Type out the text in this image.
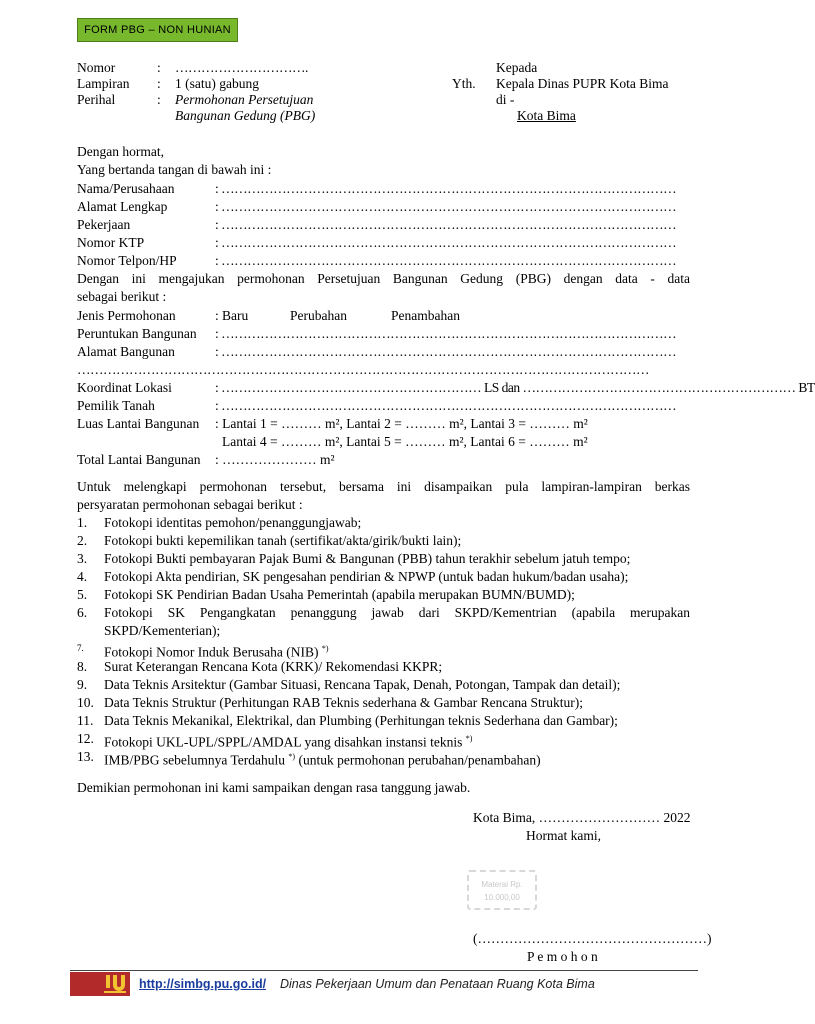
FORM PBG – NON HUNIAN
Nomor	: ………………………….
Lampiran : 1 (satu) gabung
Perihal	: Permohonan Persetujuan
Bangunan Gedung (PBG)
Kepada
Yth. Kepala Dinas PUPR Kota Bima
di -
Kota Bima
Dengan hormat,
Yang bertanda tangan di bawah ini :
Nama/Perusahaan	: ……………………………………………………………………………………………
Alamat Lengkap	: ……………………………………………………………………………………………
Pekerjaan	: ……………………………………………………………………………………………
Nomor KTP	: ……………………………………………………………………………………………
Nomor Telpon/HP	: ……………………………………………………………………………………………
Dengan ini mengajukan permohonan Persetujuan Bangunan Gedung (PBG) dengan data - data
sebagai berikut :
Jenis Permohonan	: Baru	Perubahan	Penambahan
Peruntukan Bangunan : ……………………………………………………………………………………………
Alamat Bangunan	: ……………………………………………………………………………………………
……………………………………………………………………………………………………………………
Koordinat Lokasi	: …………………………………………………… LS dan ……………………………………………………… BT
Pemilik Tanah	: ……………………………………………………………………………………………
Luas Lantai Bangunan : Lantai 1 = ……… m², Lantai 2 = ……… m², Lantai 3 = ……… m²
Lantai 4 = ……… m², Lantai 5 = ……… m², Lantai 6 = ……… m²
Total Lantai Bangunan : ………………… m²
Untuk melengkapi permohonan tersebut, bersama ini disampaikan pula lampiran-lampiran berkas
persyaratan permohonan sebagai berikut :
1. Fotokopi identitas pemohon/penanggungjawab;
2. Fotokopi bukti kepemilikan tanah (sertifikat/akta/girik/bukti lain);
3. Fotokopi Bukti pembayaran Pajak Bumi & Bangunan (PBB) tahun terakhir sebelum jatuh tempo;
4. Fotokopi Akta pendirian, SK pengesahan pendirian & NPWP (untuk badan hukum/badan usaha);
5. Fotokopi SK Pendirian Badan Usaha Pemerintah (apabila merupakan BUMN/BUMD);
6. Fotokopi SK Pengangkatan penanggung jawab dari SKPD/Kementrian (apabila merupakan
SKPD/Kementerian);
7. Fotokopi Nomor Induk Berusaha (NIB) *)
8. Surat Keterangan Rencana Kota (KRK)/ Rekomendasi KKPR;
9. Data Teknis Arsitektur (Gambar Situasi, Rencana Tapak, Denah, Potongan, Tampak dan detail);
10. Data Teknis Struktur (Perhitungan RAB Teknis sederhana & Gambar Rencana Struktur);
11. Data Teknis Mekanikal, Elektrikal, dan Plumbing (Perhitungan teknis Sederhana dan Gambar);
12. Fotokopi UKL-UPL/SPPL/AMDAL yang disahkan instansi teknis *)
13. IMB/PBG sebelumnya Terdahulu *) (untuk permohonan perubahan/penambahan)
Demikian permohonan ini kami sampaikan dengan rasa tanggung jawab.
Kota Bima, ……………………… 2022
Hormat kami,
Materai Rp.
10.000,00
(……………………………………………)
P e m o h o n
http://simbg.pu.go.id/ Dinas Pekerjaan Umum dan Penataan Ruang Kota Bima
